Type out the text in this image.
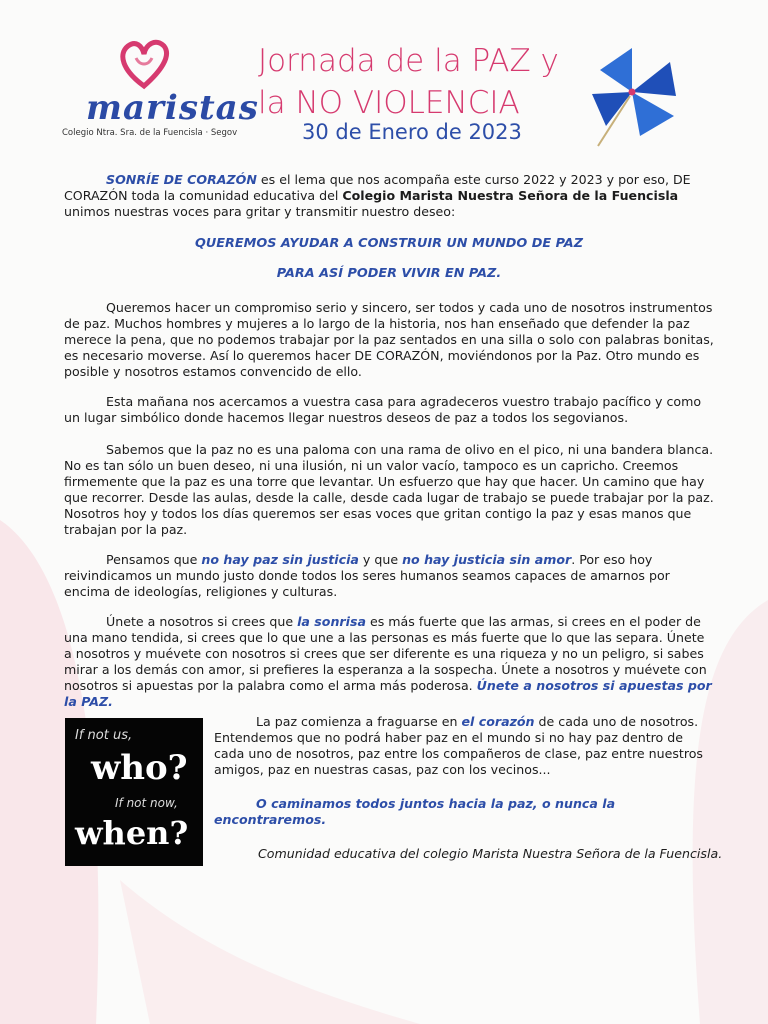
maristas
Colegio Ntra. Sra. de la Fuencisla · Segov
Jornada de la PAZ y
la NO VIOLENCIA
30 de Enero de 2023
SONRÍE DE CORAZÓN es el lema que nos acompaña este curso 2022 y 2023 y por eso, DE CORAZÓN toda la comunidad educativa del Colegio Marista Nuestra Señora de la Fuencisla unimos nuestras voces para gritar y transmitir nuestro deseo:
QUEREMOS AYUDAR A CONSTRUIR UN MUNDO DE PAZ
PARA ASÍ PODER VIVIR EN PAZ.
Queremos hacer un compromiso serio y sincero, ser todos y cada uno de nosotros instrumentos de paz. Muchos hombres y mujeres a lo largo de la historia, nos han enseñado que defender la paz merece la pena, que no podemos trabajar por la paz sentados en una silla o solo con palabras bonitas, es necesario moverse. Así lo queremos hacer DE CORAZÓN, moviéndonos por la Paz. Otro mundo es posible y nosotros estamos convencido de ello.
Esta mañana nos acercamos a vuestra casa para agradeceros vuestro trabajo pacífico y como un lugar simbólico donde hacemos llegar nuestros deseos de paz a todos los segovianos.
Sabemos que la paz no es una paloma con una rama de olivo en el pico, ni una bandera blanca. No es tan sólo un buen deseo, ni una ilusión, ni un valor vacío, tampoco es un capricho. Creemos firmemente que la paz es una torre que levantar. Un esfuerzo que hay que hacer. Un camino que hay que recorrer. Desde las aulas, desde la calle, desde cada lugar de trabajo se puede trabajar por la paz. Nosotros hoy y todos los días queremos ser esas voces que gritan contigo la paz y esas manos que trabajan por la paz.
Pensamos que no hay paz sin justicia y que no hay justicia sin amor. Por eso hoy reivindicamos un mundo justo donde todos los seres humanos seamos capaces de amarnos por encima de ideologías, religiones y culturas.
Únete a nosotros si crees que la sonrisa es más fuerte que las armas, si crees en el poder de una mano tendida, si crees que lo que une a las personas es más fuerte que lo que las separa. Únete a nosotros y muévete con nosotros si crees que ser diferente es una riqueza y no un peligro, si sabes mirar a los demás con amor, si prefieres la esperanza a la sospecha. Únete a nosotros y muévete con nosotros si apuestas por la palabra como el arma más poderosa. Únete a nosotros si apuestas por la PAZ.
If not us,
who?
If not now,
when?
La paz comienza a fraguarse en el corazón de cada uno de nosotros. Entendemos que no podrá haber paz en el mundo si no hay paz dentro de cada uno de nosotros, paz entre los compañeros de clase, paz entre nuestros amigos, paz en nuestras casas, paz con los vecinos...
O caminamos todos juntos hacia la paz, o nunca la encontraremos.
Comunidad educativa del colegio Marista Nuestra Señora de la Fuencisla.
